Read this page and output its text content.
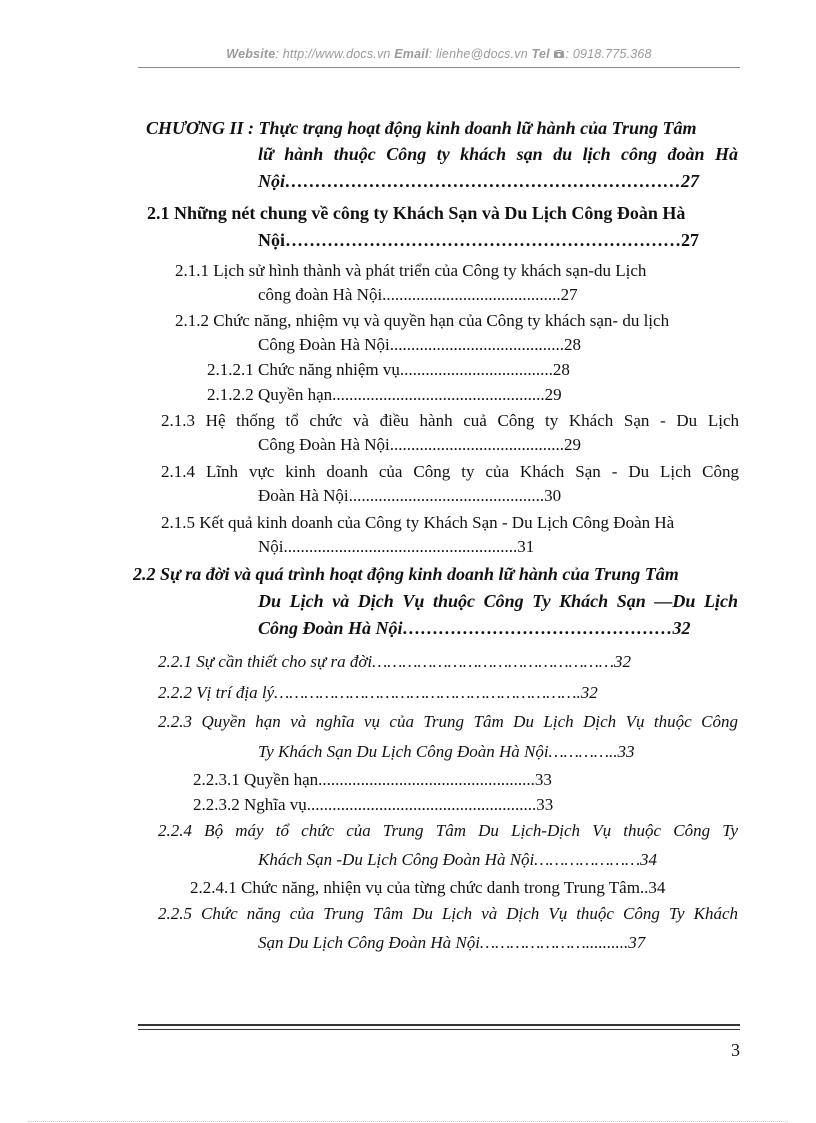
Website: http://www.docs.vn Email: lienhe@docs.vn Tel : 0918.775.368
CHƯƠNG II : Thực trạng hoạt động kinh doanh lữ hành của Trung Tâm
lữ hành thuộc Công ty khách sạn du lịch công đoàn Hà
Nội…………………………………………………………27
2.1 Những nét chung về công ty Khách Sạn và Du Lịch Công Đoàn Hà
Nội…………………………………………………………27
2.1.1 Lịch sử hình thành và phát triển của Công ty khách sạn-du Lịch
công đoàn Hà Nội..........................................27
2.1.2 Chức năng, nhiệm vụ và quyền hạn của Công ty khách sạn- du lịch
Công Đoàn Hà Nội.........................................28
2.1.2.1 Chức năng nhiệm vụ....................................28
2.1.2.2 Quyền hạn..................................................29
2.1.3 Hệ thống tổ chức và điều hành cuả Công ty Khách Sạn - Du Lịch
Công Đoàn Hà Nội.........................................29
2.1.4 Lĩnh vực kinh doanh của Công ty của Khách Sạn - Du Lịch Công
Đoàn Hà Nội..............................................30
2.1.5 Kết quả kinh doanh của Công ty Khách Sạn - Du Lịch Công Đoàn Hà
Nội.......................................................31
2.2 Sự ra đời và quá trình hoạt động kinh doanh lữ hành của Trung Tâm
Du Lịch và Dịch Vụ thuộc Công Ty Khách Sạn —Du Lịch
Công Đoàn Hà Nội………………………………………32
2.2.1 Sự cần thiết cho sự ra đời…………………………………………32
2.2.2 Vị trí địa lý…………………………………………………….32
2.2.3 Quyền hạn và nghĩa vụ của Trung Tâm Du Lịch Dịch Vụ thuộc Công
Ty Khách Sạn Du Lịch Công Đoàn Hà Nội…………..33
2.2.3.1 Quyền hạn...................................................33
2.2.3.2 Nghĩa vụ......................................................33
2.2.4 Bộ máy tổ chức của Trung Tâm Du Lịch-Dịch Vụ thuộc Công Ty
Khách Sạn -Du Lịch Công Đoàn Hà Nội…………………34
2.2.4.1 Chức năng, nhiện vụ của từng chức danh trong Trung Tâm..34
2.2.5 Chức năng của Trung Tâm Du Lịch và Dịch Vụ thuộc Công Ty Khách
Sạn Du Lịch Công Đoàn Hà Nội…………………..........37
3
